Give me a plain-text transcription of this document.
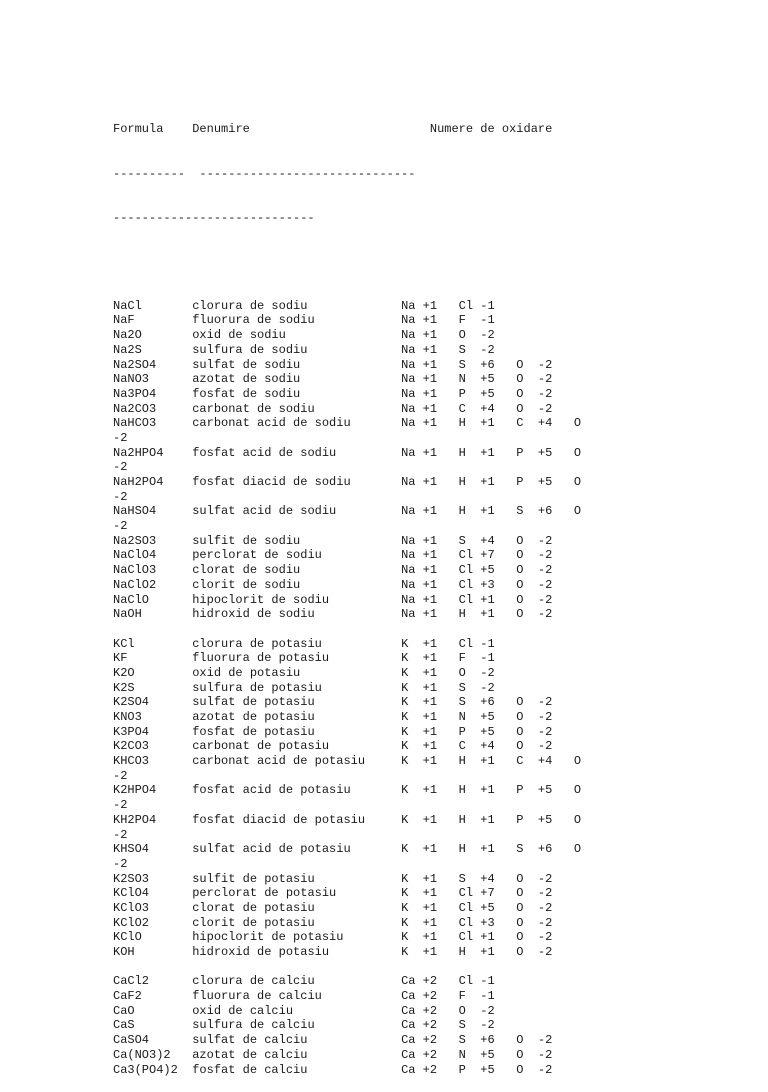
Formula Denumire	Numere de oxidare

----------  ------------------------------

----------------------------

NaCl       clorura de sodiu             Na +1   Cl -1
NaF        fluorura de sodiu            Na +1   F  -1
Na2O       oxid de sodiu                Na +1   O  -2
Na2S       sulfura de sodiu             Na +1   S  -2
Na2SO4     sulfat de sodiu              Na +1   S  +6   O  -2
NaNO3      azotat de sodiu              Na +1   N  +5   O  -2
Na3PO4     fosfat de sodiu              Na +1   P  +5   O  -2
Na2CO3     carbonat de sodiu            Na +1   C  +4   O  -2
NaHCO3     carbonat acid de sodiu       Na +1   H  +1   C  +4   O
-2
Na2HPO4    fosfat acid de sodiu         Na +1   H  +1   P  +5   O
-2
NaH2PO4    fosfat diacid de sodiu       Na +1   H  +1   P  +5   O
-2
NaHSO4     sulfat acid de sodiu         Na +1   H  +1   S  +6   O
-2
Na2SO3     sulfit de sodiu              Na +1   S  +4   O  -2
NaClO4     perclorat de sodiu           Na +1   Cl +7   O  -2
NaClO3     clorat de sodiu              Na +1   Cl +5   O  -2
NaClO2     clorit de sodiu              Na +1   Cl +3   O  -2
NaClO      hipoclorit de sodiu          Na +1   Cl +1   O  -2
NaOH       hidroxid de sodiu            Na +1   H  +1   O  -2
KCl        clorura de potasiu           K  +1   Cl -1
KF         fluorura de potasiu          K  +1   F  -1
K2O        oxid de potasiu              K  +1   O  -2
K2S        sulfura de potasiu           K  +1   S  -2
K2SO4      sulfat de potasiu            K  +1   S  +6   O  -2
KNO3       azotat de potasiu            K  +1   N  +5   O  -2
K3PO4      fosfat de potasiu            K  +1   P  +5   O  -2
K2CO3      carbonat de potasiu          K  +1   C  +4   O  -2
KHCO3      carbonat acid de potasiu     K  +1   H  +1   C  +4   O
-2
K2HPO4     fosfat acid de potasiu       K  +1   H  +1   P  +5   O
-2
KH2PO4     fosfat diacid de potasiu     K  +1   H  +1   P  +5   O
-2
KHSO4      sulfat acid de potasiu       K  +1   H  +1   S  +6   O
-2
K2SO3      sulfit de potasiu            K  +1   S  +4   O  -2
KClO4      perclorat de potasiu         K  +1   Cl +7   O  -2
KClO3      clorat de potasiu            K  +1   Cl +5   O  -2
KClO2      clorit de potasiu            K  +1   Cl +3   O  -2
KClO       hipoclorit de potasiu        K  +1   Cl +1   O  -2
KOH        hidroxid de potasiu          K  +1   H  +1   O  -2
CaCl2      clorura de calciu            Ca +2   Cl -1
CaF2       fluorura de calciu           Ca +2   F  -1
CaO        oxid de calciu               Ca +2   O  -2
CaS        sulfura de calciu            Ca +2   S  -2
CaSO4      sulfat de calciu             Ca +2   S  +6   O  -2
Ca(NO3)2   azotat de calciu             Ca +2   N  +5   O  -2
Ca3(PO4)2  fosfat de calciu             Ca +2   P  +5   O  -2
